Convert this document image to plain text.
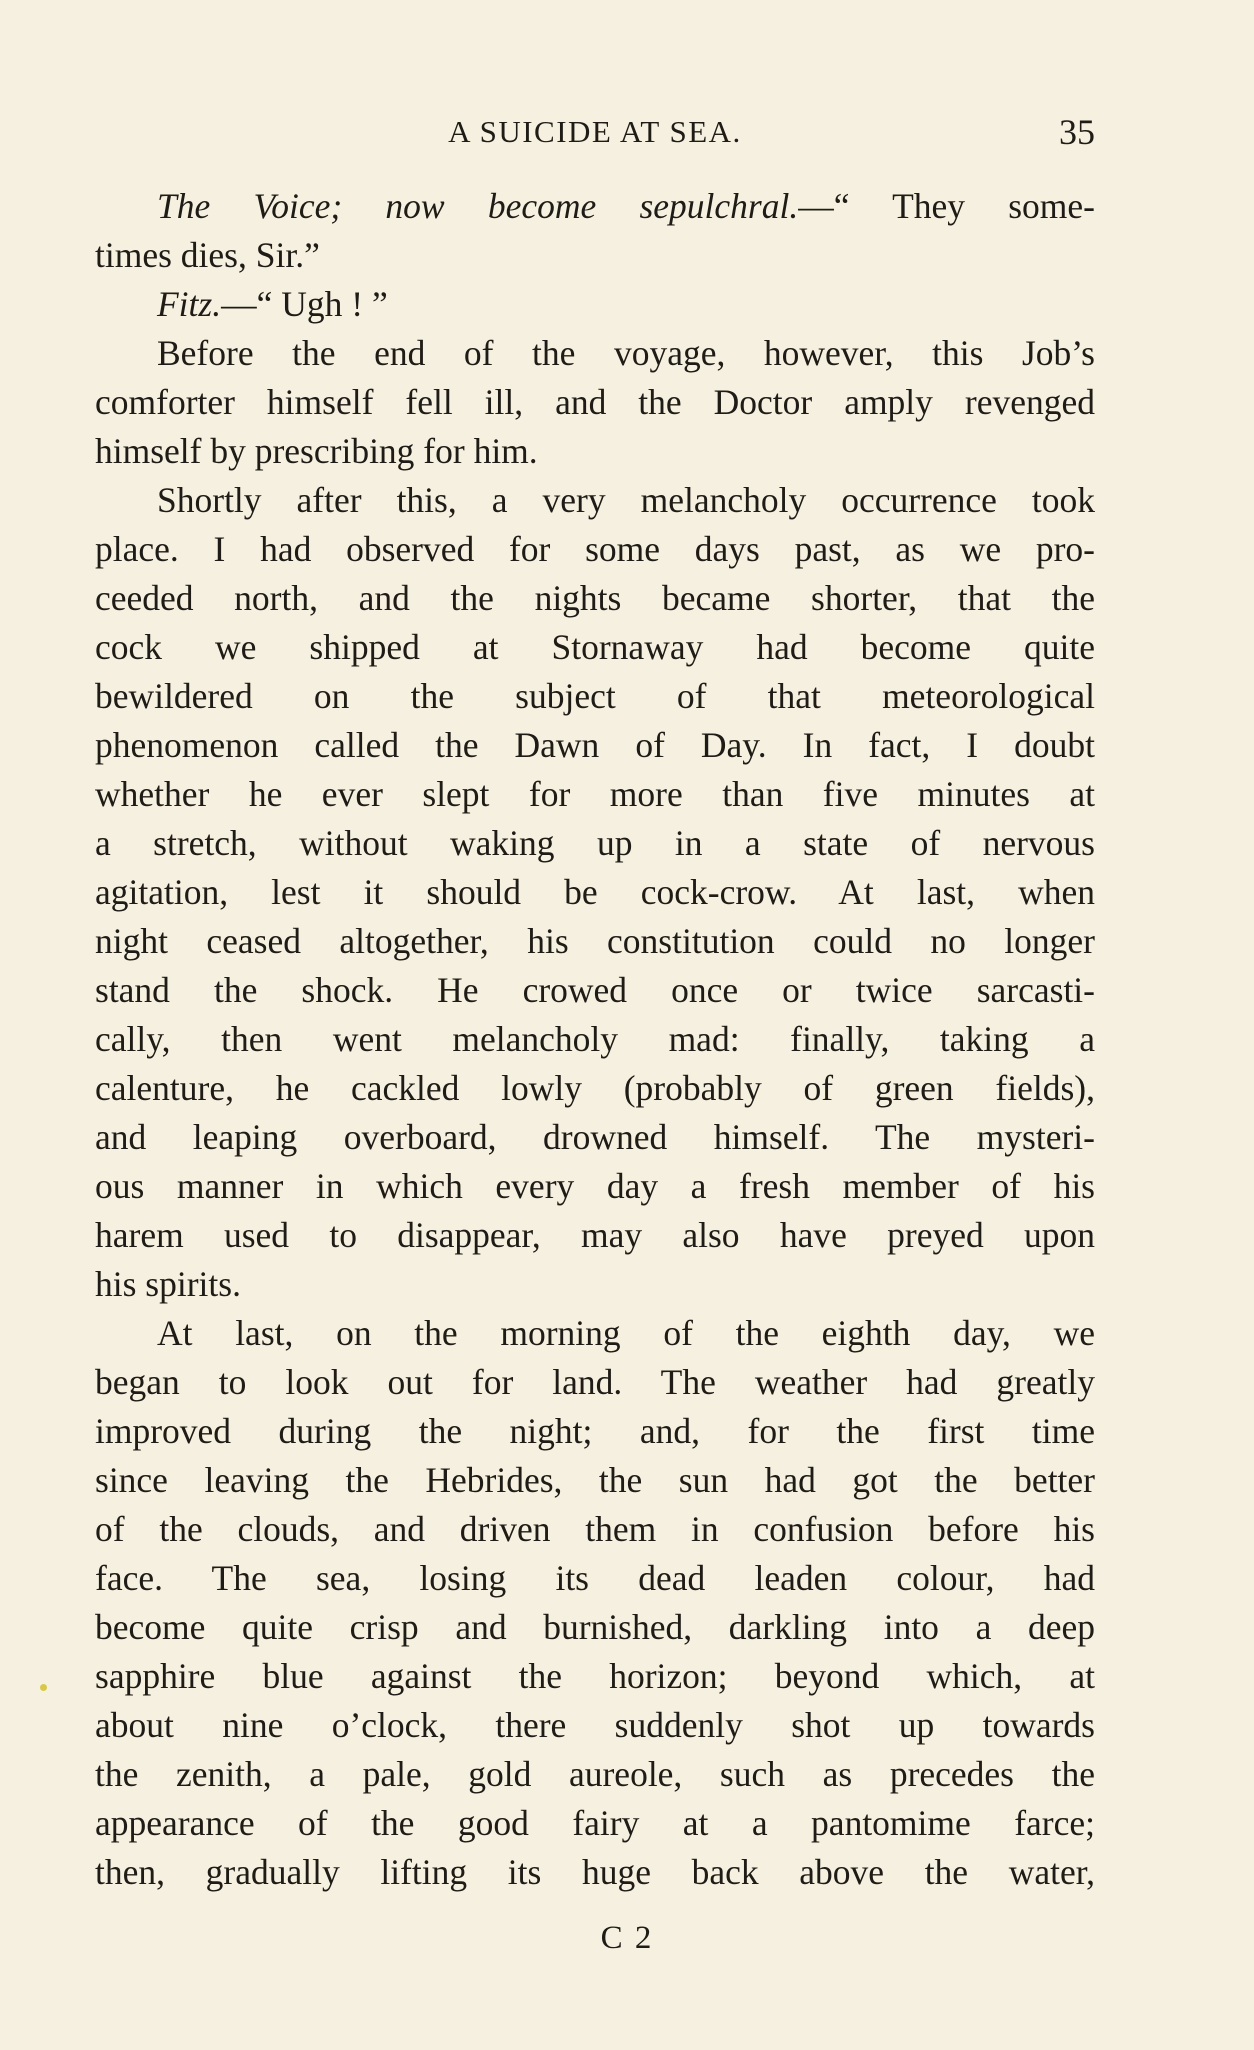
A SUICIDE AT SEA.	35
The Voice; now become sepulchral.—“ They some-
times dies, Sir.”
Fitz.—“ Ugh ! ”
Before the end of the voyage, however, this Job’s
comforter himself fell ill, and the Doctor amply revenged
himself by prescribing for him.
Shortly after this, a very melancholy occurrence took
place. I had observed for some days past, as we pro-
ceeded north, and the nights became shorter, that the
cock we shipped at Stornaway had become quite
bewildered on the subject of that meteorological
phenomenon called the Dawn of Day. In fact, I doubt
whether he ever slept for more than five minutes at
a stretch, without waking up in a state of nervous
agitation, lest it should be cock-crow. At last, when
night ceased altogether, his constitution could no longer
stand the shock. He crowed once or twice sarcasti-
cally, then went melancholy mad: finally, taking a
calenture, he cackled lowly (probably of green fields),
and leaping overboard, drowned himself. The mysteri-
ous manner in which every day a fresh member of his
harem used to disappear, may also have preyed upon
his spirits.
At last, on the morning of the eighth day, we
began to look out for land. The weather had greatly
improved during the night; and, for the first time
since leaving the Hebrides, the sun had got the better
of the clouds, and driven them in confusion before his
face. The sea, losing its dead leaden colour, had
become quite crisp and burnished, darkling into a deep
sapphire blue against the horizon; beyond which, at
about nine o’clock, there suddenly shot up towards
the zenith, a pale, gold aureole, such as precedes the
appearance of the good fairy at a pantomime farce;
then, gradually lifting its huge back above the water,
C 2
